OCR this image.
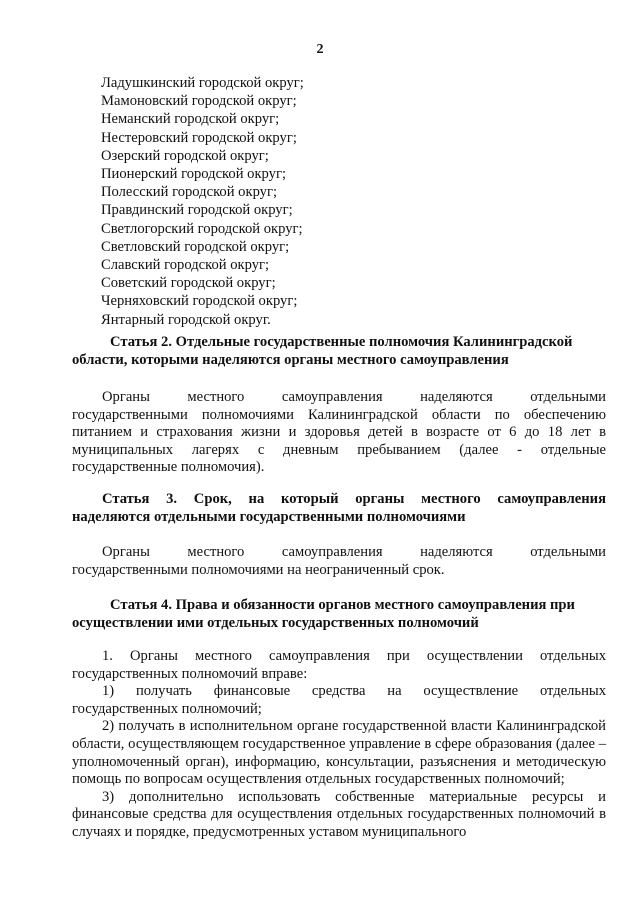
2
Ладушкинский городской округ;
Мамоновский городской округ;
Неманский городской округ;
Нестеровский городской округ;
Озерский городской округ;
Пионерский городской округ;
Полесский городской округ;
Правдинский городской округ;
Светлогорский городской округ;
Светловский городской округ;
Славский городской округ;
Советский городской округ;
Черняховский городской округ;
Янтарный городской округ.
Статья 2. Отдельные государственные полномочия Калининградской
области, которыми наделяются органы местного самоуправления
Органы местного самоуправления наделяются отдельными
государственными полномочиями Калининградской области по обеспечению питанием и страхования жизни и здоровья детей в возрасте от 6 до 18 лет в муниципальных лагерях с дневным пребыванием (далее - отдельные государственные полномочия).
Статья 3. Срок, на который органы местного самоуправления
наделяются отдельными государственными полномочиями
Органы местного самоуправления наделяются отдельными
государственными полномочиями на неограниченный срок.
Статья 4. Права и обязанности органов местного самоуправления при
осуществлении ими отдельных государственных полномочий
1. Органы местного самоуправления при осуществлении отдельных государственных полномочий вправе:
1) получать финансовые средства на осуществление отдельных государственных полномочий;
2) получать в исполнительном органе государственной власти Калининградской области, осуществляющем государственное управление в сфере образования (далее – уполномоченный орган), информацию, консультации, разъяснения и методическую помощь по вопросам осуществления отдельных государственных полномочий;
3) дополнительно использовать собственные материальные ресурсы и финансовые средства для осуществления отдельных государственных полномочий в случаях и порядке, предусмотренных уставом муниципального
